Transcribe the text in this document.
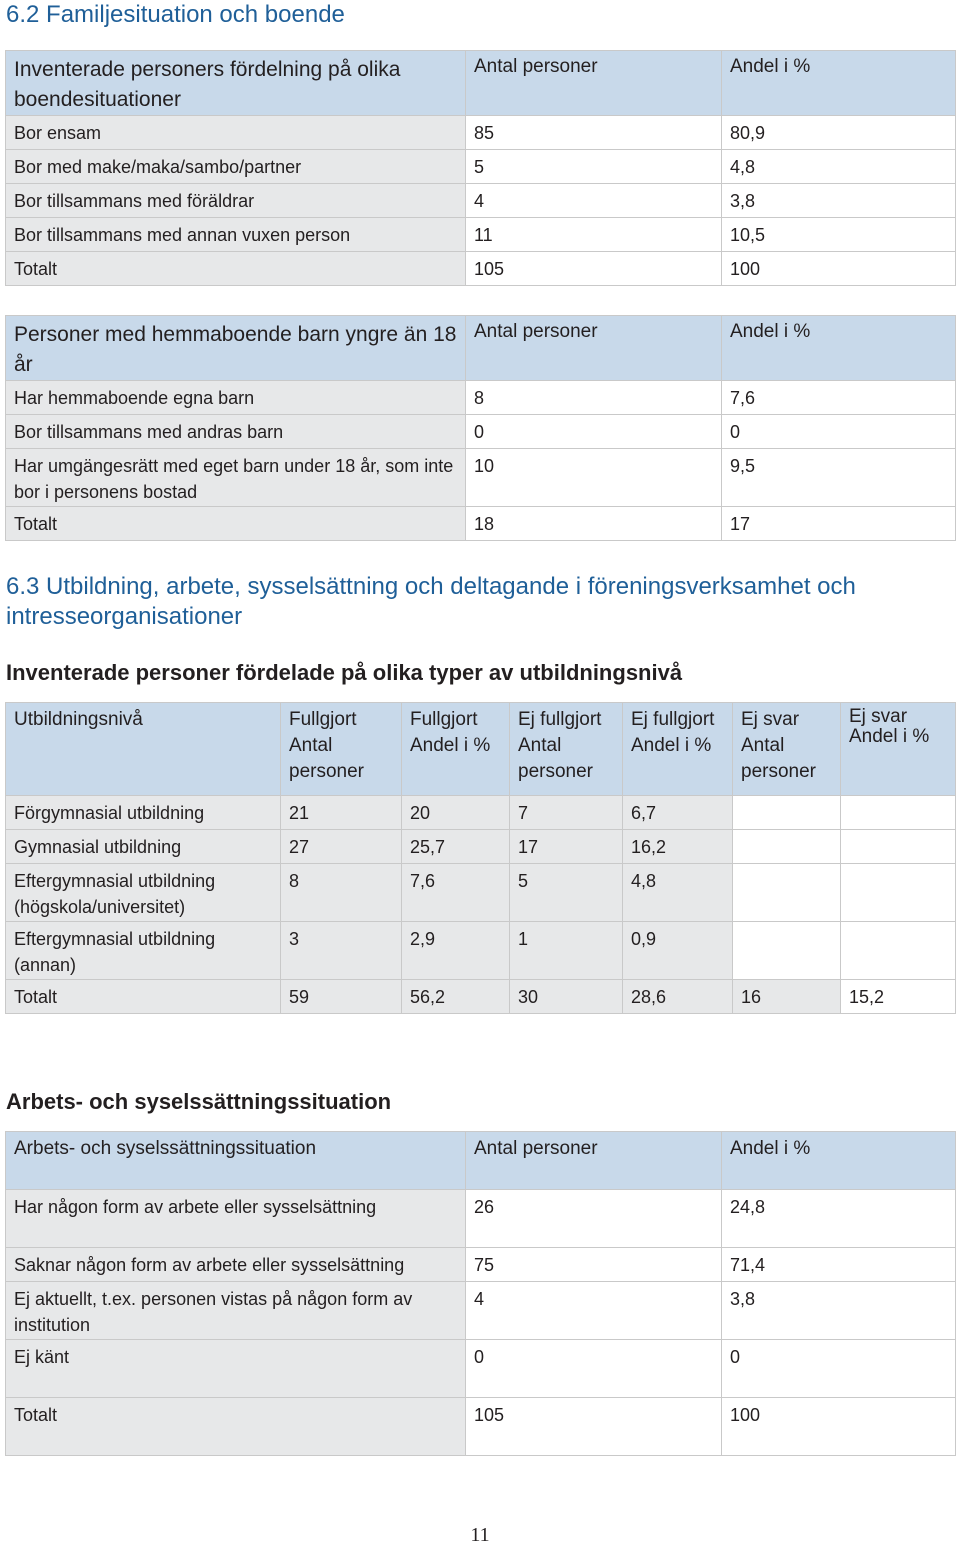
6.2 Familjesituation och boende
Inventerade personers fördelning på olika boendesituationer	Antal personer	Andel i %
Bor ensam	85	80,9
Bor med make/maka/sambo/partner	5	4,8
Bor tillsammans med föräldrar	4	3,8
Bor tillsammans med annan vuxen person	11	10,5
Totalt	105	100
Personer med hemmaboende barn yngre än 18 år	Antal personer	Andel i %
Har hemmaboende egna barn	8	7,6
Bor tillsammans med andras barn	0	0
Har umgängesrätt med eget barn under 18 år, som inte bor i personens bostad	10	9,5
Totalt	18	17
6.3 Utbildning, arbete, sysselsättning och deltagande i föreningsverksamhet och intresseorganisationer
Inventerade personer fördelade på olika typer av utbildningsnivå
Utbildningsnivå	Fullgjort Antal personer	Fullgjort Andel i %	Ej fullgjort Antal personer	Ej fullgjort Andel i %	Ej svar Antal personer	Ej svar Andel i %
Förgymnasial utbildning	21	20	7	6,7		
Gymnasial utbildning	27	25,7	17	16,2		
Eftergymnasial utbildning (högskola/universitet)	8	7,6	5	4,8		
Eftergymnasial utbildning (annan)	3	2,9	1	0,9		
Totalt	59	56,2	30	28,6	16	15,2
Arbets- och syselssättningssituation
Arbets- och syselssättningssituation	Antal personer	Andel i %
Har någon form av arbete eller sysselsättning	26	24,8
Saknar någon form av arbete eller sysselsättning	75	71,4
Ej aktuellt, t.ex. personen vistas på någon form av institution	4	3,8
Ej känt	0	0
Totalt	105	100
11
